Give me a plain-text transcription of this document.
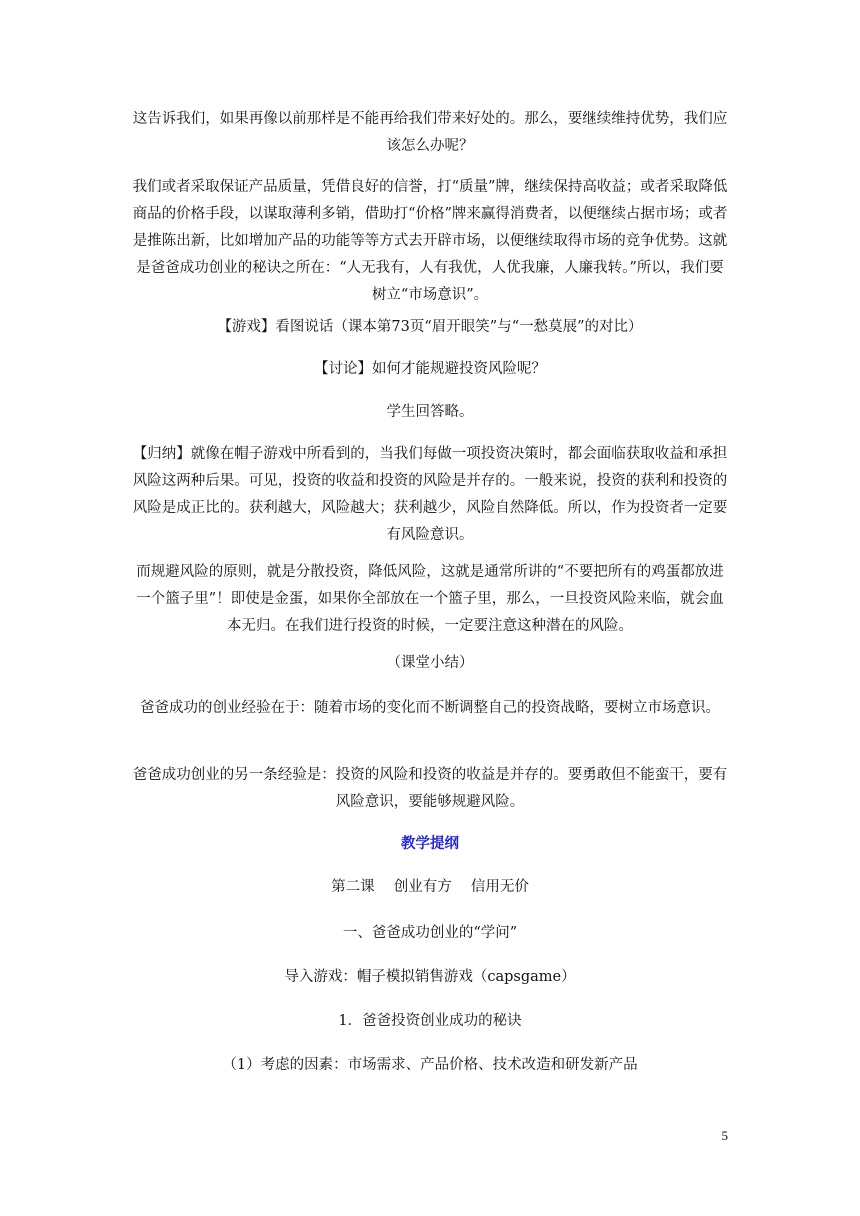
这告诉我们，如果再像以前那样是不能再给我们带来好处的。那么，要继续维持优势，我们应该怎么办呢？

我们或者采取保证产品质量，凭借良好的信誉，打“质量”牌，继续保持高收益；或者采取降低商品的价格手段，以谋取薄利多销，借助打“价格”牌来赢得消费者，以便继续占据市场；或者是推陈出新，比如增加产品的功能等等方式去开辟市场，以便继续取得市场的竞争优势。这就是爸爸成功创业的秘诀之所在：“人无我有，人有我优，人优我廉，人廉我转。”所以，我们要树立“市场意识”。

【游戏】看图说话（课本第73页“眉开眼笑”与“一愁莫展”的对比）

【讨论】如何才能规避投资风险呢？

学生回答略。

【归纳】就像在帽子游戏中所看到的，当我们每做一项投资决策时，都会面临获取收益和承担风险这两种后果。可见，投资的收益和投资的风险是并存的。一般来说，投资的获利和投资的风险是成正比的。获利越大，风险越大；获利越少，风险自然降低。所以，作为投资者一定要有风险意识。

而规避风险的原则，就是分散投资，降低风险，这就是通常所讲的“不要把所有的鸡蛋都放进一个篮子里”！即使是金蛋，如果你全部放在一个篮子里，那么，一旦投资风险来临，就会血本无归。在我们进行投资的时候，一定要注意这种潜在的风险。

（课堂小结）

爸爸成功的创业经验在于：随着市场的变化而不断调整自己的投资战略，要树立市场意识。

爸爸成功创业的另一条经验是：投资的风险和投资的收益是并存的。要勇敢但不能蛮干，要有风险意识，要能够规避风险。

教学提纲

第二课　 创业有方　 信用无价

一、爸爸成功创业的“学问”

导入游戏：帽子模拟销售游戏（capsgame）

1．爸爸投资创业成功的秘诀

（1）考虑的因素：市场需求、产品价格、技术改造和研发新产品

5
